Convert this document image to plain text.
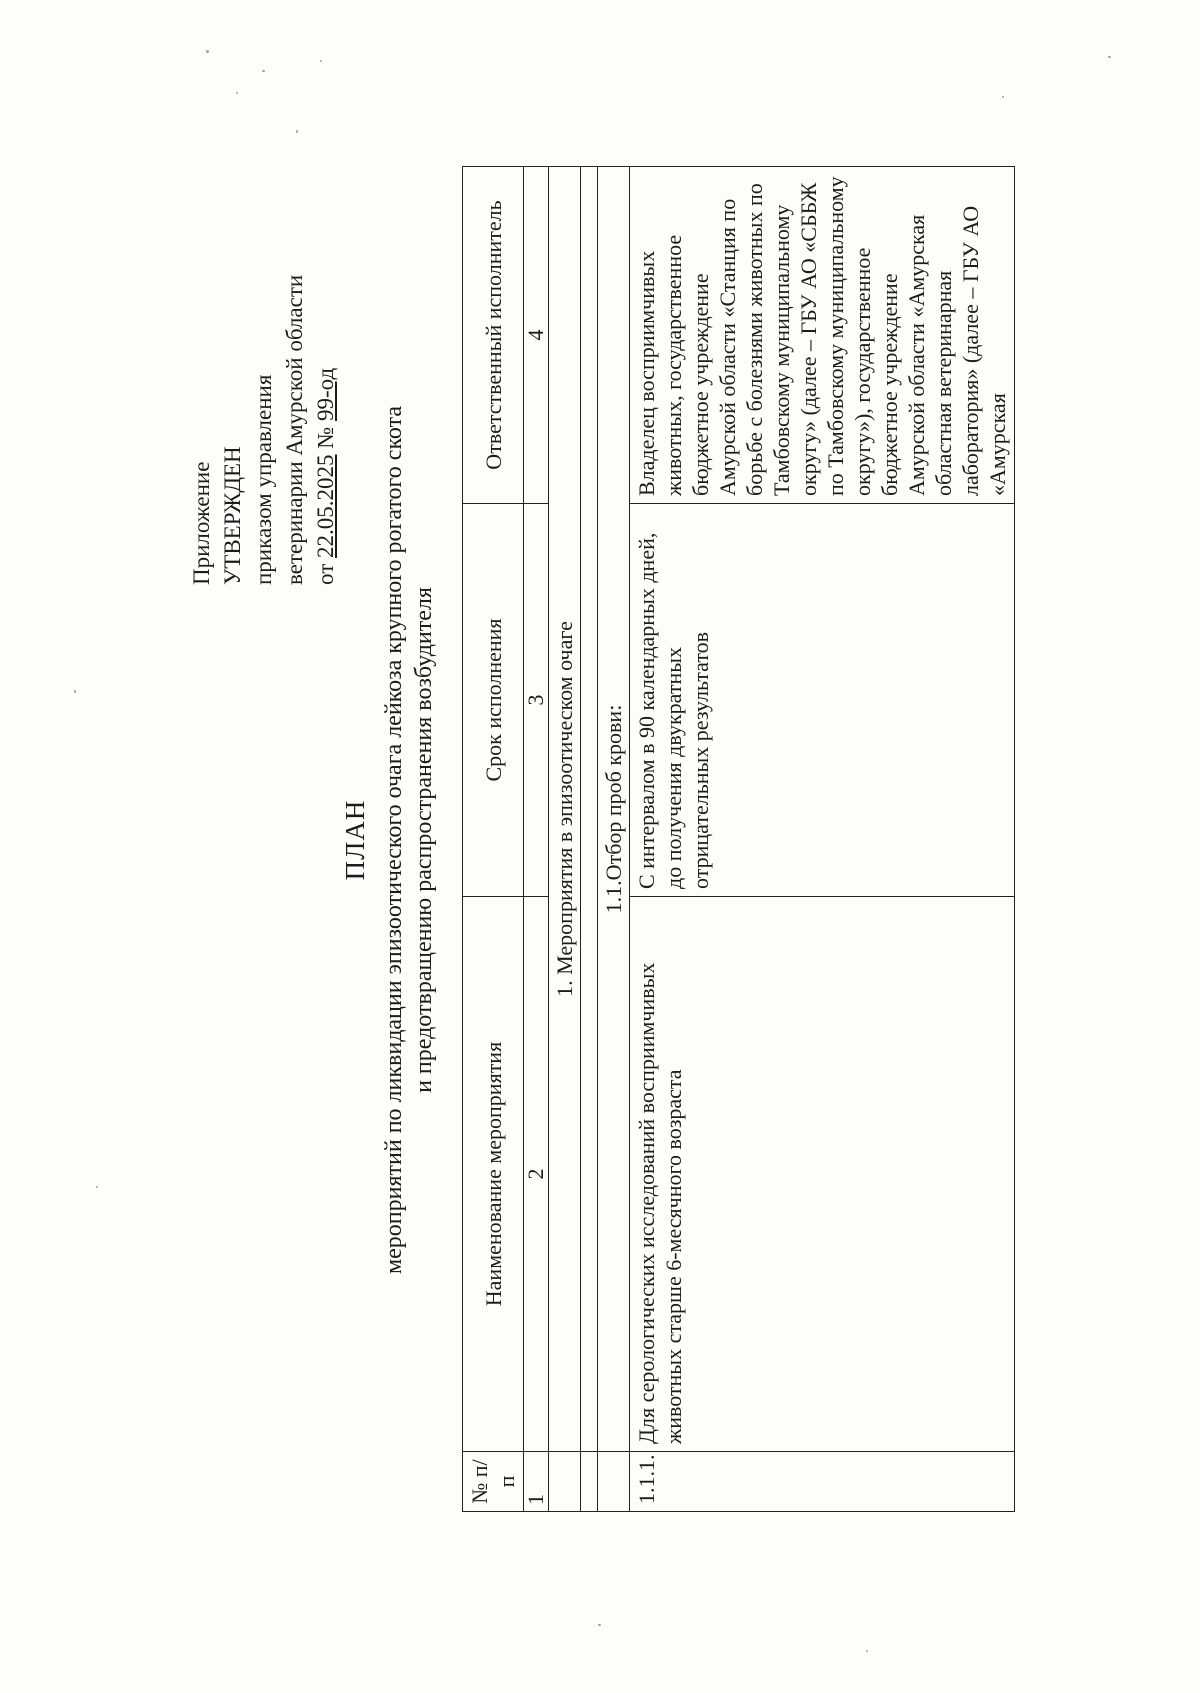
Приложение УТВЕРЖДЕН приказом управления ветеринарии Амурской области от 22.05.2025 № 99-од
ПЛАН мероприятий по ликвидации эпизоотического очага лейкоза крупного рогатого скота и предотвращению распространения возбудителя
№ п/п	Наименование мероприятия	Срок исполнения	Ответственный исполнитель
1	2	3	4
	1. Мероприятия в эпизоотическом очаге		

	1.1.Отбор проб крови:		
1.1.1.	Для серологических исследований восприимчивых животных старше 6-месячного возраста	С интервалом в 90 календарных дней, до получения двукратных отрицательных результатов	Владелец восприимчивых животных, государственное бюджетное учреждение Амурской области «Станция по борьбе с болезнями животных по Тамбовскому муниципальному округу» (далее – ГБУ АО «СББЖ по Тамбовскому муниципальному округу»), государственное бюджетное учреждение Амурской области «Амурская областная ветеринарная лаборатория» (далее – ГБУ АО «Амурская
